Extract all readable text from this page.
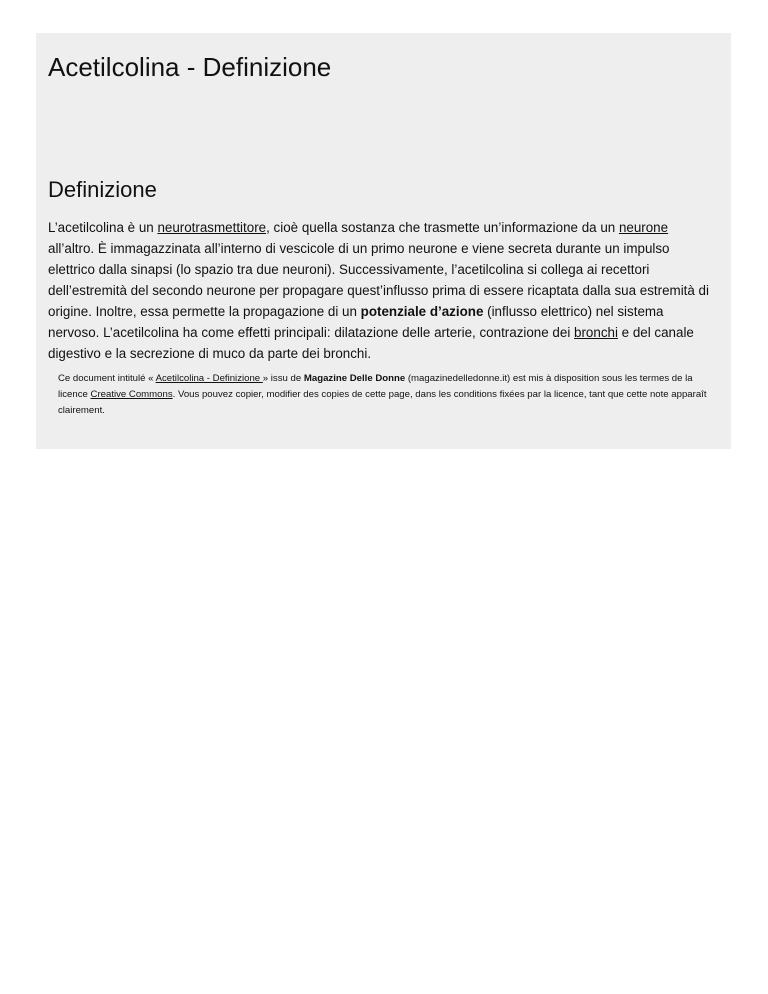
Acetilcolina - Definizione
Definizione

L’acetilcolina è un neurotrasmettitore, cioè quella sostanza che trasmette un’informazione da un neurone all’altro. È immagazzinata all’interno di vescicole di un primo neurone e viene secreta durante un impulso elettrico dalla sinapsi (lo spazio tra due neuroni). Successivamente, l’acetilcolina si collega ai recettori dell’estremità del secondo neurone per propagare quest’influsso prima di essere ricaptata dalla sua estremità di origine. Inoltre, essa permette la propagazione di un potenziale d’azione (influsso elettrico) nel sistema nervoso. L’acetilcolina ha come effetti principali: dilatazione delle arterie, contrazione dei bronchi e del canale digestivo e la secrezione di muco da parte dei bronchi.

Ce document intitulé « Acetilcolina - Definizione » issu de Magazine Delle Donne (magazinedelledonne.it) est mis à disposition sous les termes de la licence Creative Commons. Vous pouvez copier, modifier des copies de cette page, dans les conditions fixées par la licence, tant que cette note apparaît clairement.
